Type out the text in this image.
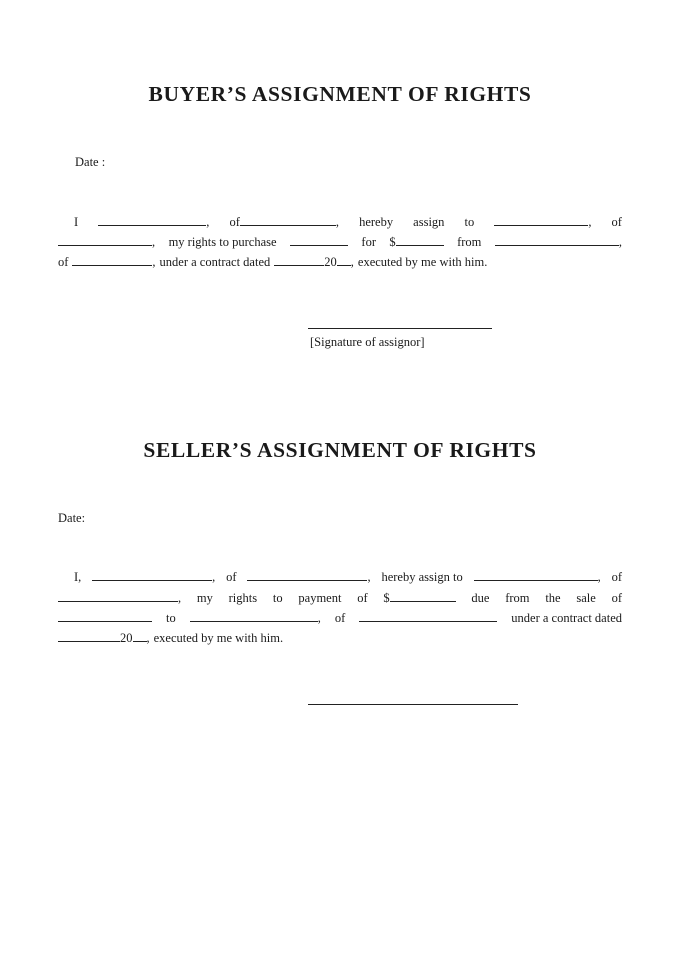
BUYER’S ASSIGNMENT OF RIGHTS

Date :

I	, of	, hereby assign to	, of
, my rights to purchase	for $	from	,
of	, under a contract dated	20 , executed by me with him.

[Signature of assignor]

SELLER’S ASSIGNMENT OF RIGHTS

Date:

I,	, of	, hereby assign to	, of
, my rights to payment of $	due from the sale of
to	, of	under a contract dated
20 , executed by me with him.
